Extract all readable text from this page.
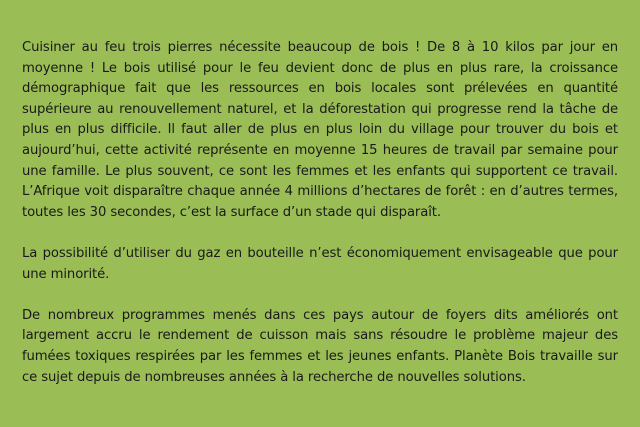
Cuisiner au feu trois pierres nécessite beaucoup de bois ! De 8 à 10 kilos par jour en moyenne ! Le bois utilisé pour le feu devient donc de plus en plus rare, la croissance démographique fait que les ressources en bois locales sont prélevées en quantité supérieure au renouvellement naturel, et la déforestation qui progresse rend la tâche de plus en plus difficile. Il faut aller de plus en plus loin du village pour trouver du bois et aujourd’hui, cette activité représente en moyenne 15 heures de travail par semaine pour une famille. Le plus souvent, ce sont les femmes et les enfants qui supportent ce travail. L’Afrique voit disparaître chaque année 4 millions d’hectares de forêt : en d’autres termes, toutes les 30 secondes, c’est la surface d’un stade qui disparaît.

La possibilité d’utiliser du gaz en bouteille n’est économiquement envisageable que pour une minorité.

De nombreux programmes menés dans ces pays autour de foyers dits améliorés ont largement accru le rendement de cuisson mais sans résoudre le problème majeur des fumées toxiques respirées par les femmes et les jeunes enfants. Planète Bois travaille sur ce sujet depuis de nombreuses années à la recherche de nouvelles solutions.
